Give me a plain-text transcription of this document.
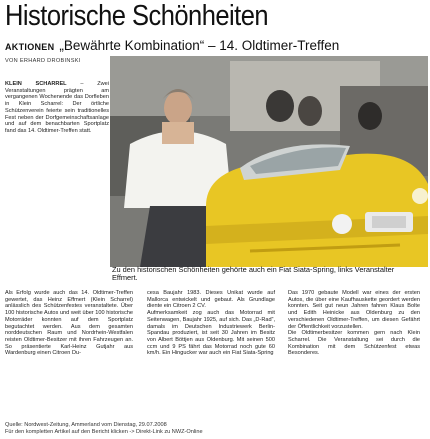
Historische Schönheiten
AKTIONEN „Bewährte Kombination“ – 14. Oldtimer-Treffen
VON ERHARD DROBINSKI
KLEIN SCHARREL – Zwei Veranstaltungen prägten am vergangenen Wochenende das Dorfleben in Klein Scharrel: Der örtliche Schützenverein feierte sein traditionelles Fest neben der Dorfgemeinschaftsanlage und auf dem benachbarten Sportplatz fand das 14. Oldtimer-Treffen statt.
Zu den historischen Schönheiten gehörte auch ein Fiat Siata-Spring, links Veranstalter Effmert.
Als Erfolg wurde auch das 14. Oldtimer-Treffen gewertet, das Heinz Effmert (Klein Scharrel) anlässlich des Schützenfestes veranstaltete. Über 100 historische Autos und weit über 100 historische Motorräder konnten auf dem Sportplatz begutachtet werden. Aus dem gesamten norddeutschen Raum und Nordrhein-Westfalen reisten Oldtimer-Besitzer mit ihren Fahrzeugen an. So präsentierte Karl-Heinz Gutjahr aus Wardenburg einen Citroen Du-
cesa Baujahr 1983. Dieses Unikat wurde auf Mallorca entwickelt und gebaut. Als Grundlage diente ein Citroen 2 CV.
Aufmerksamkeit zog auch das Motorrad mit Seitenwagen, Baujahr 1925, auf sich. Das „D-Rad“, damals im Deutschen Industriewerk Berlin-Spandau produziert, ist seit 30 Jahren im Besitz von Albert Böttjen aus Oldenburg. Mit seinen 500 ccm und 9 PS fährt das Motorrad noch gute 60 km/h. Ein Hingucker war auch ein Fiat Siata-Spring
Das 1970 gebaute Modell war eines der ersten Autos, die über eine Kaufhauskette geordert werden konnten. Seit gut neun Jahren fahren Klaus Bolte und Edith Heinicke aus Oldenburg zu den verschiedenen Oldtimer-Treffen, um diesen Gefährt der Öffentlichkeit vorzustellen.
Die Oldtimerbesitzer kommen gern nach Klein Scharrel. Die Veranstaltung sei durch die Kombination mit dem Schützenfest etwas Besonderes.
Quelle: Nordwest-Zeitung, Ammerland vom Dienstag, 29.07.2008
Für den kompletten Artikel auf den Bericht klicken -> Direkt-Link zu NWZ-Online
